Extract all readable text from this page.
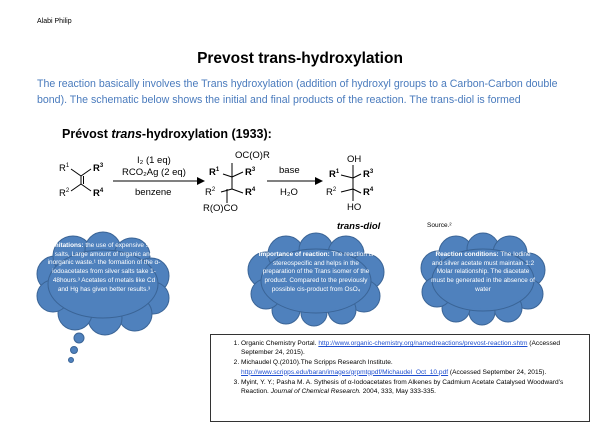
Alabi Philip
Prevost trans-hydroxylation
The reaction basically involves the Trans hydroxylation (addition of hydroxyl groups to a Carbon-Carbon double bond). The schematic below shows the initial and final products of the reaction. The trans-diol is formed
Prévost trans-hydroxylation (1933):
$R^1$
$R^2$
$R^3$
$R^4$
I₂ (1 eq)
RCO₂Ag (2 eq)
benzene
OC(O)R
$R^1$	$R^3$
$R^2$	$R^4$
R(O)CO
base
H₂O
OH
$R^1$	$R^3$
$R^2$	$R^4$
HO
trans-diol	Source.²
Limitations: the use of expensive silver salts, Large amount of organic and inorganic waste.¹ the formation of the α-iodoacetates from silver salts take 1-48hours.³ Acetates of metals like Cd and Hg has given better results.³
Importance of reaction: The reaction is stereospecific and helps in the preparation of the Trans isomer of the product. Compared to the previously possible cis-product from OsO₄
Reaction conditions: The Iodine and silver acetate must maintain 1:2 Molar relationship. The diacetate must be generated in the absence of water
1. Organic Chemistry Portal. http://www.organic-chemistry.org/namedreactions/prevost-reaction.shtm (Accessed September 24, 2015).
2. Michaudel Q.(2010).The Scripps Research Institute. http://www.scripps.edu/baran/images/grpmtgpdf/Michaudel_Oct_10.pdf (Accessed September 24, 2015).
3. Myint, Y. Y.; Pasha M. A. Sythesis of α-Iodoacetates from Alkenes by Cadmium Acetate Catalysed Woodward’s Reaction. Journal of Chemical Research. 2004, 333, May 333-335.
